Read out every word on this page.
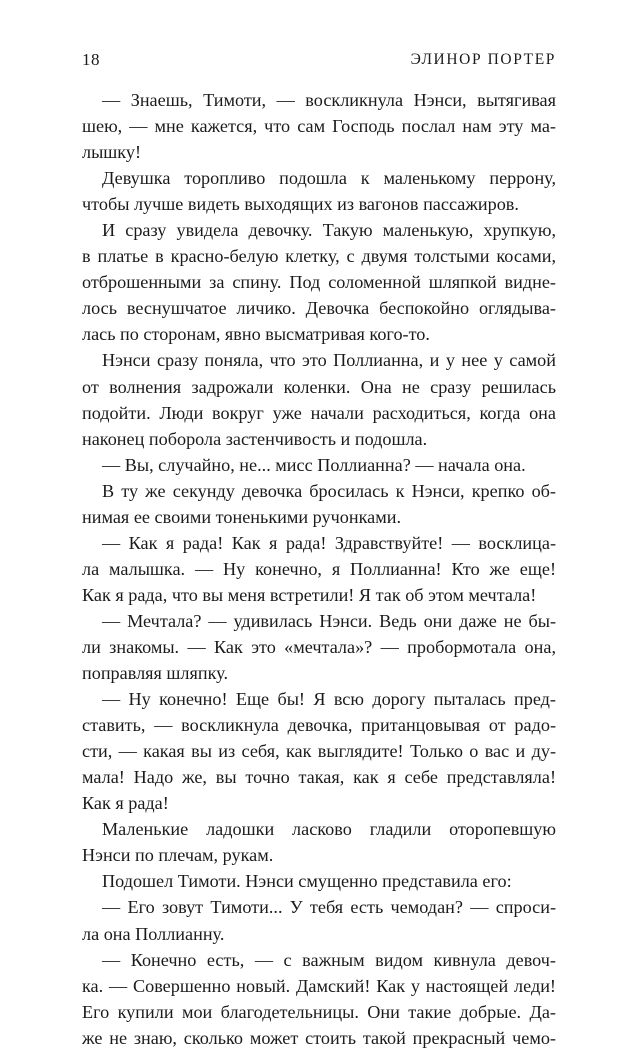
18	ЭЛИНОР ПОРТЕР
— Знаешь, Тимоти, — воскликнула Нэнси, вытягивая
шею, — мне кажется, что сам Господь послал нам эту ма-
лышку!
Девушка торопливо подошла к маленькому перрону,
чтобы лучше видеть выходящих из вагонов пассажиров.
И сразу увидела девочку. Такую маленькую, хрупкую,
в платье в красно-белую клетку, с двумя толстыми косами,
отброшенными за спину. Под соломенной шляпкой видне-
лось веснушчатое личико. Девочка беспокойно оглядыва-
лась по сторонам, явно высматривая кого-то.
Нэнси сразу поняла, что это Поллианна, и у нее у самой
от волнения задрожали коленки. Она не сразу решилась
подойти. Люди вокруг уже начали расходиться, когда она
наконец поборола застенчивость и подошла.
— Вы, случайно, не... мисс Поллианна? — начала она.
В ту же секунду девочка бросилась к Нэнси, крепко об-
нимая ее своими тоненькими ручонками.
— Как я рада! Как я рада! Здравствуйте! — восклица-
ла малышка. — Ну конечно, я Поллианна! Кто же еще!
Как я рада, что вы меня встретили! Я так об этом мечтала!
— Мечтала? — удивилась Нэнси. Ведь они даже не бы-
ли знакомы. — Как это «мечтала»? — пробормотала она,
поправляя шляпку.
— Ну конечно! Еще бы! Я всю дорогу пыталась пред-
ставить, — воскликнула девочка, пританцовывая от радо-
сти, — какая вы из себя, как выглядите! Только о вас и ду-
мала! Надо же, вы точно такая, как я себе представляла!
Как я рада!
Маленькие ладошки ласково гладили оторопевшую
Нэнси по плечам, рукам.
Подошел Тимоти. Нэнси смущенно представила его:
— Его зовут Тимоти... У тебя есть чемодан? — спроси-
ла она Поллианну.
— Конечно есть, — с важным видом кивнула девоч-
ка. — Совершенно новый. Дамский! Как у настоящей леди!
Его купили мои благодетельницы. Они такие добрые. Да-
же не знаю, сколько может стоить такой прекрасный чемо-
